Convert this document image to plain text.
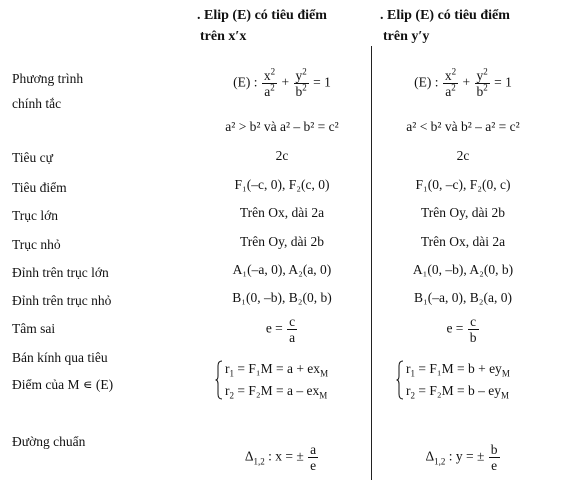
. Elip (E) có tiêu điểm
trên x′x
. Elip (E) có tiêu điểm
trên y′y
Phương trình
chính tắc
Tiêu cự
Tiêu điểm
Trục lớn
Trục nhỏ
Đỉnh trên trục lớn
Đỉnh trên trục nhỏ
Tâm sai
Bán kính qua tiêu
Điểm của M ∊ (E)
Đường chuẩn
(E) : $\frac{x^2}{a^2} + \frac{y^2}{b^2} = 1$
a² > b² và a² – b² = c²
2c
F₁(–c, 0), F₂(c, 0)
Trên Ox, dài 2a
Trên Oy, dài 2b
A₁(–a, 0), A₂(a, 0)
B₁(0, –b), B₂(0, b)
$e = \frac{c}{a}$
$r_1 = F_1M = a + ex_M$
$r_2 = F_2M = a - ex_M$
$\Delta_{1,2}$ : x = ± $\frac{a}{e}$
(E) : $\frac{x^2}{a^2} + \frac{y^2}{b^2} = 1$
a² < b² và b² – a² = c²
2c
F₁(0, –c), F₂(0, c)
Trên Oy, dài 2b
Trên Ox, dài 2a
A₁(0, –b), A₂(0, b)
B₁(–a, 0), B₂(a, 0)
$e = \frac{c}{b}$
$r_1 = F_1M = b + ey_M$
$r_2 = F_2M = b - ey_M$
$\Delta_{1,2}$ : y = ± $\frac{b}{e}$
